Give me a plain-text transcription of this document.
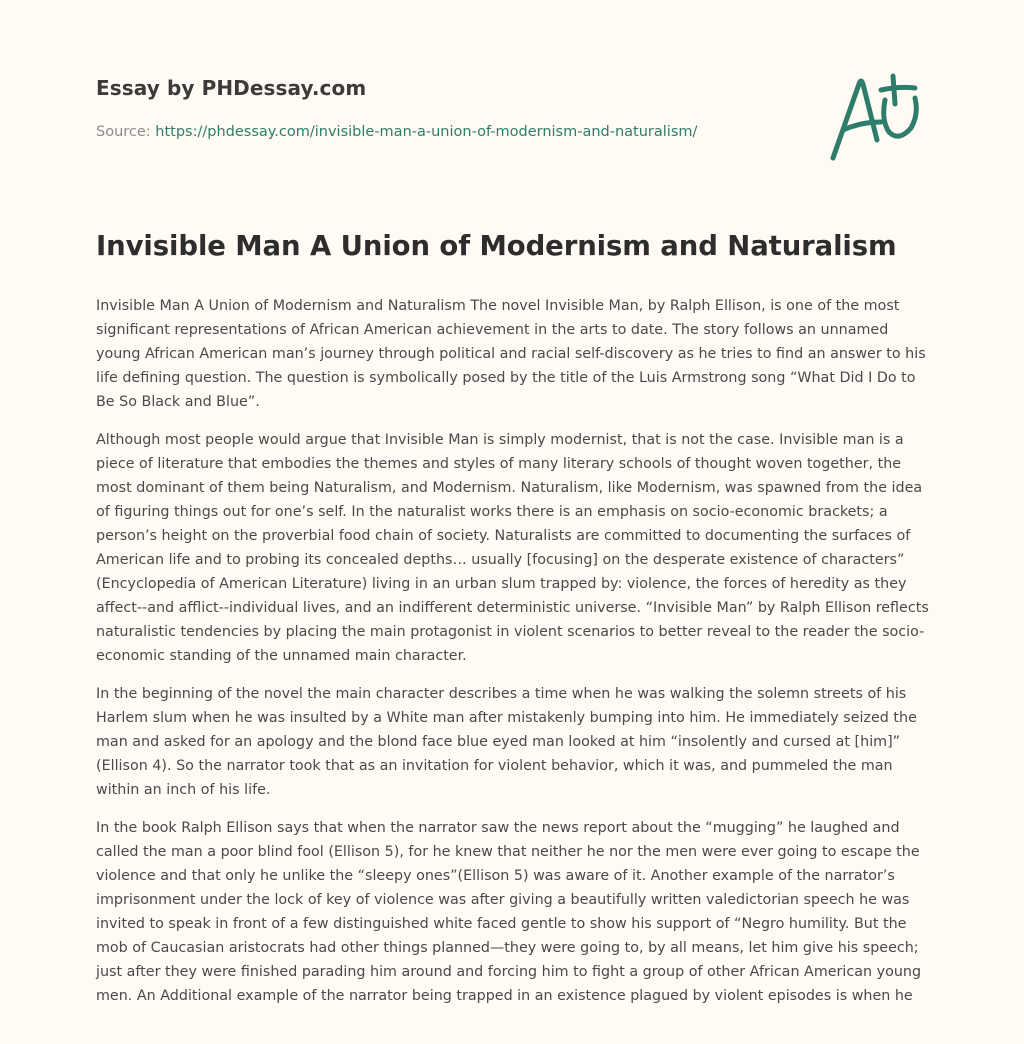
Essay by PHDessay.com
Source: https://phdessay.com/invisible-man-a-union-of-modernism-and-naturalism/
Invisible Man A Union of Modernism and Naturalism

Invisible Man A Union of Modernism and Naturalism The novel Invisible Man, by Ralph Ellison, is one of the most significant representations of African American achievement in the arts to date. The story follows an unnamed young African American man’s journey through political and racial self-discovery as he tries to find an answer to his life defining question. The question is symbolically posed by the title of the Luis Armstrong song “What Did I Do to Be So Black and Blue”.

Although most people would argue that Invisible Man is simply modernist, that is not the case. Invisible man is a piece of literature that embodies the themes and styles of many literary schools of thought woven together, the most dominant of them being Naturalism, and Modernism. Naturalism, like Modernism, was spawned from the idea of figuring things out for one’s self. In the naturalist works there is an emphasis on socio-economic brackets; a person’s height on the proverbial food chain of society. Naturalists are committed to documenting the surfaces of American life and to probing its concealed depths… usually [focusing] on the desperate existence of characters” (Encyclopedia of American Literature) living in an urban slum trapped by: violence, the forces of heredity as they affect--and afflict--individual lives, and an indifferent deterministic universe. “Invisible Man” by Ralph Ellison reflects naturalistic tendencies by placing the main protagonist in violent scenarios to better reveal to the reader the socio-economic standing of the unnamed main character.

In the beginning of the novel the main character describes a time when he was walking the solemn streets of his Harlem slum when he was insulted by a White man after mistakenly bumping into him. He immediately seized the man and asked for an apology and the blond face blue eyed man looked at him “insolently and cursed at [him]” (Ellison 4). So the narrator took that as an invitation for violent behavior, which it was, and pummeled the man within an inch of his life.

In the book Ralph Ellison says that when the narrator saw the news report about the “mugging” he laughed and called the man a poor blind fool (Ellison 5), for he knew that neither he nor the men were ever going to escape the violence and that only he unlike the “sleepy ones”(Ellison 5) was aware of it. Another example of the narrator’s imprisonment under the lock of key of violence was after giving a beautifully written valedictorian speech he was invited to speak in front of a few distinguished white faced gentle to show his support of “Negro humility. But the mob of Caucasian aristocrats had other things planned—they were going to, by all means, let him give his speech; just after they were finished parading him around and forcing him to fight a group of other African American young men. An Additional example of the narrator being trapped in an existence plagued by violent episodes is when he
